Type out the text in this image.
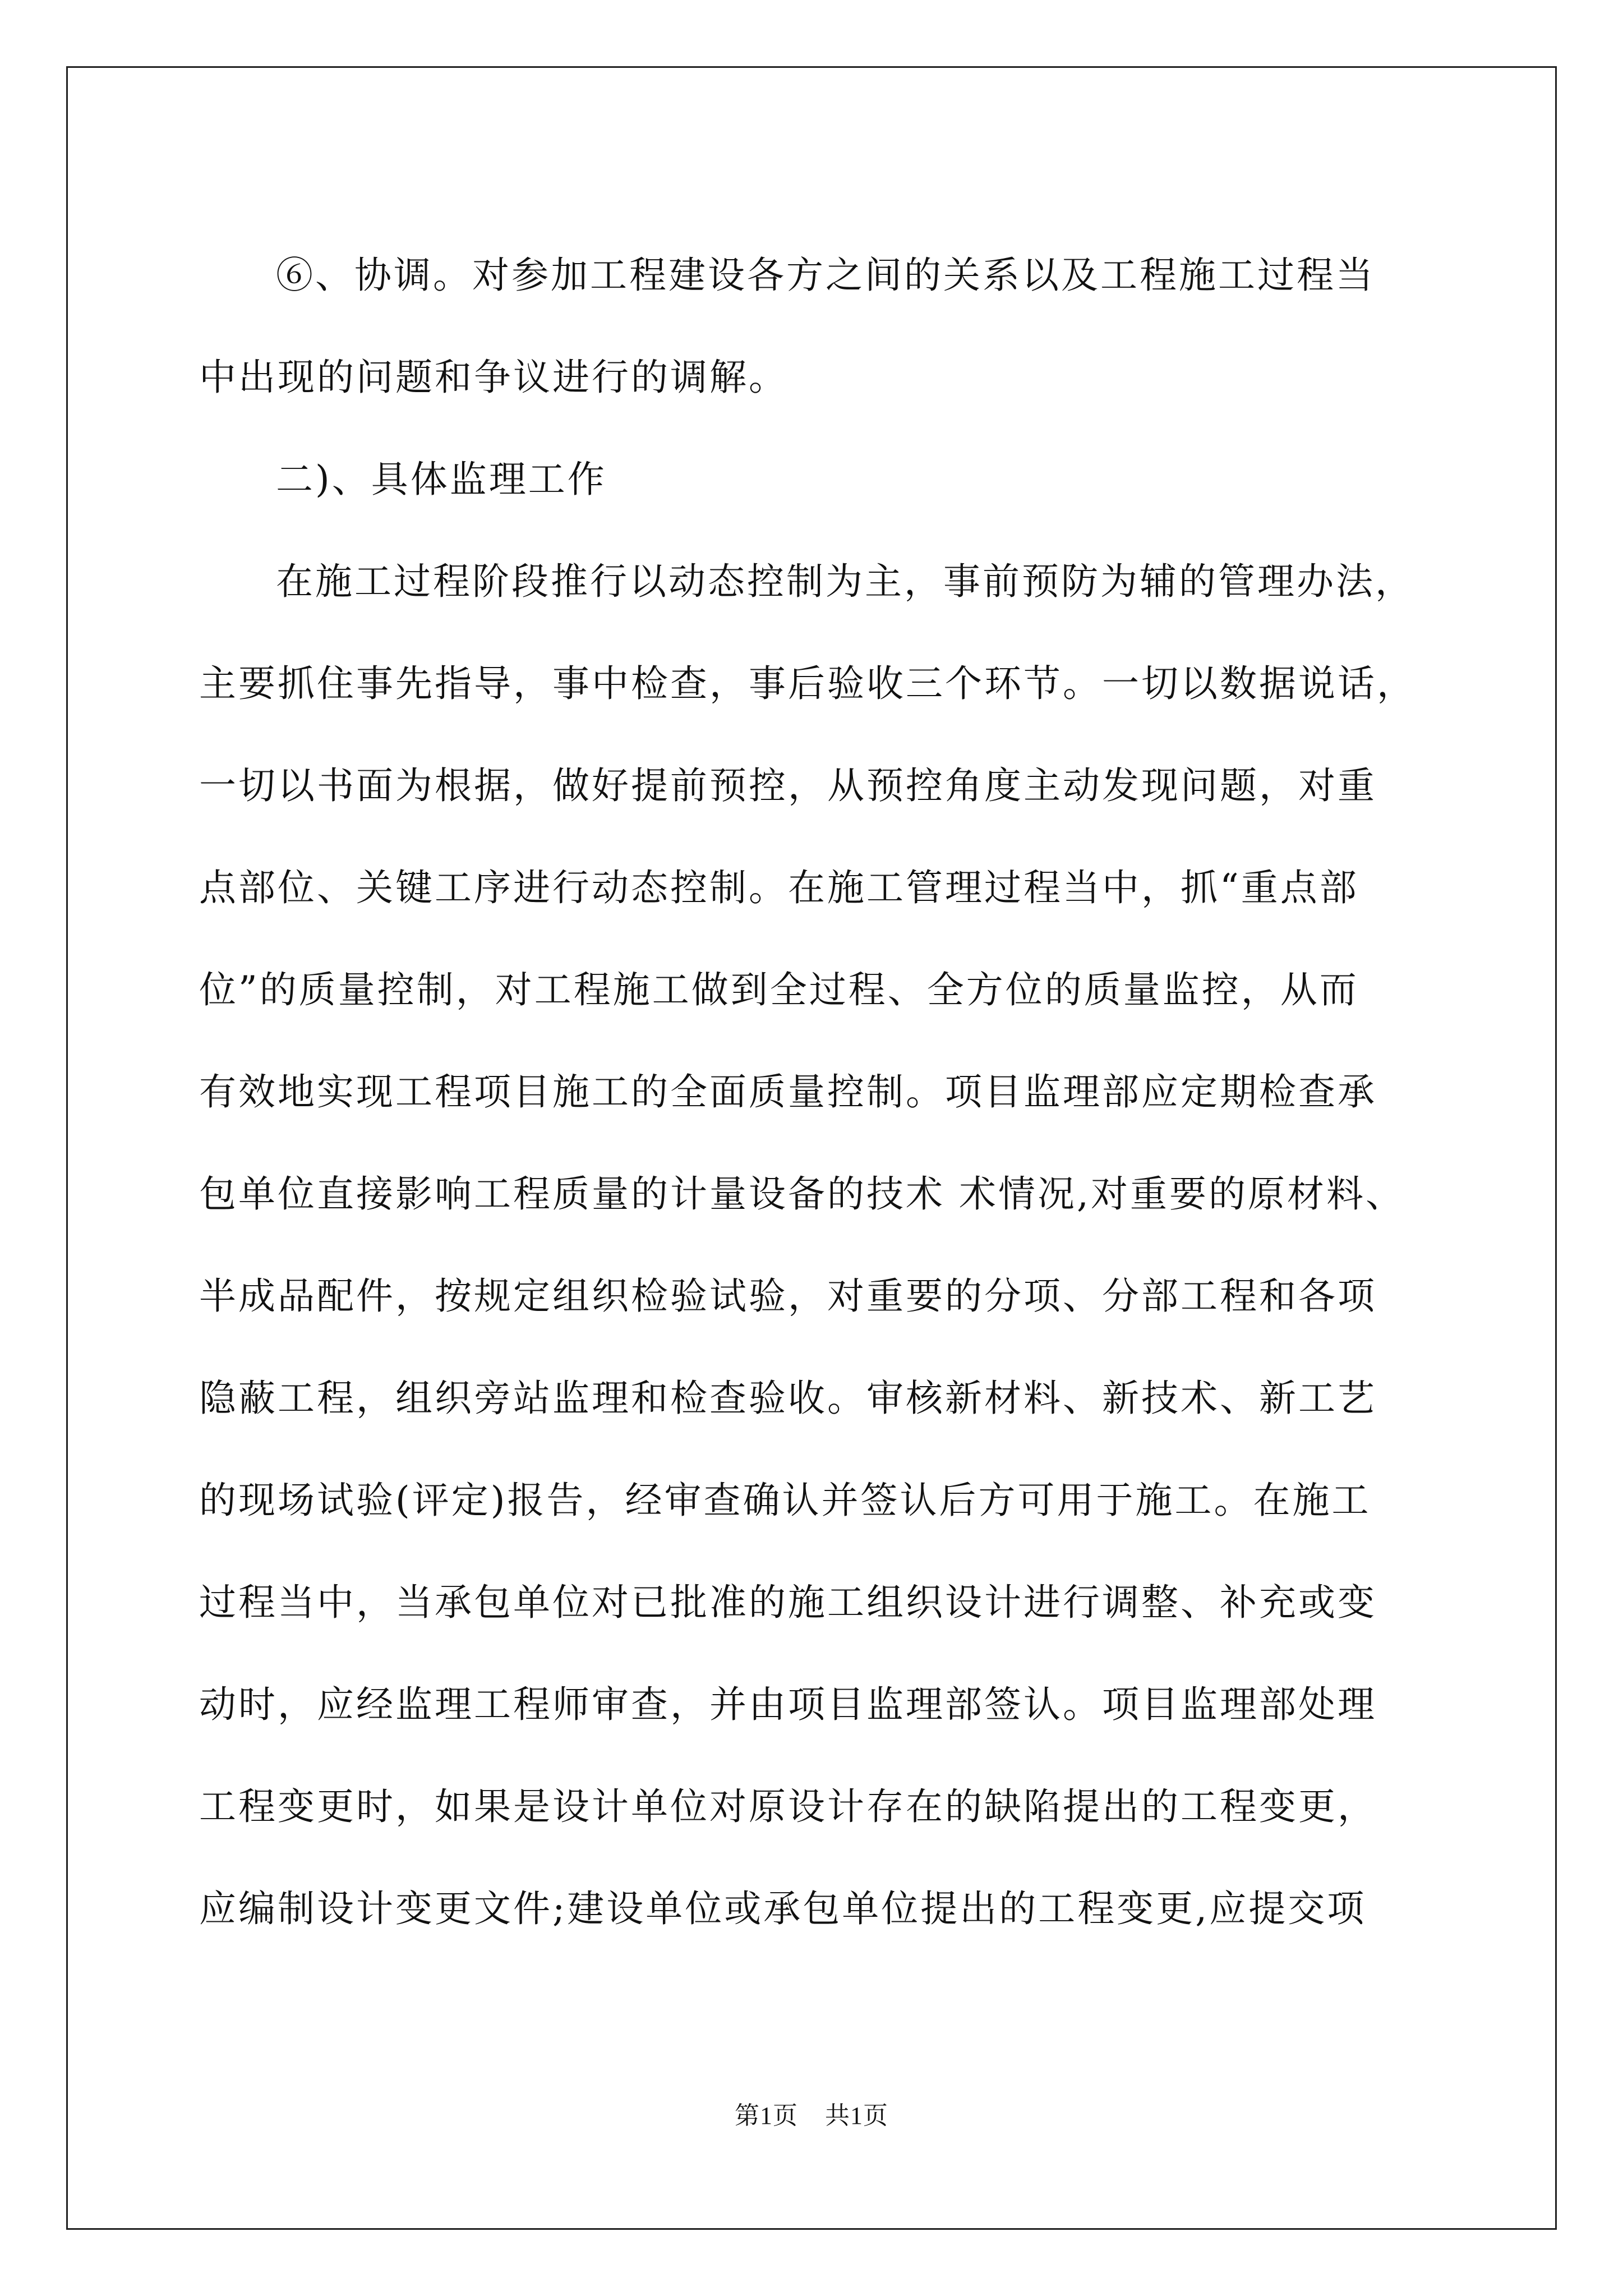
⑥、协调。对参加工程建设各方之间的关系以及工程施工过程当
中出现的问题和争议进行的调解。
二)、具体监理工作
在施工过程阶段推行以动态控制为主，事前预防为辅的管理办法，
主要抓住事先指导，事中检查，事后验收三个环节。一切以数据说话，
一切以书面为根据，做好提前预控，从预控角度主动发现问题，对重
点部位、关键工序进行动态控制。在施工管理过程当中，抓“重点部
位”的质量控制，对工程施工做到全过程、全方位的质量监控，从而
有效地实现工程项目施工的全面质量控制。项目监理部应定期检查承
包单位直接影响工程质量的计量设备的技术 术情况,对重要的原材料、
半成品配件，按规定组织检验试验，对重要的分项、分部工程和各项
隐蔽工程，组织旁站监理和检查验收。审核新材料、新技术、新工艺
的现场试验(评定)报告，经审查确认并签认后方可用于施工。在施工
过程当中，当承包单位对已批准的施工组织设计进行调整、补充或变
动时，应经监理工程师审查，并由项目监理部签认。项目监理部处理
工程变更时，如果是设计单位对原设计存在的缺陷提出的工程变更，
应编制设计变更文件;建设单位或承包单位提出的工程变更,应提交项
第1页 共1页
